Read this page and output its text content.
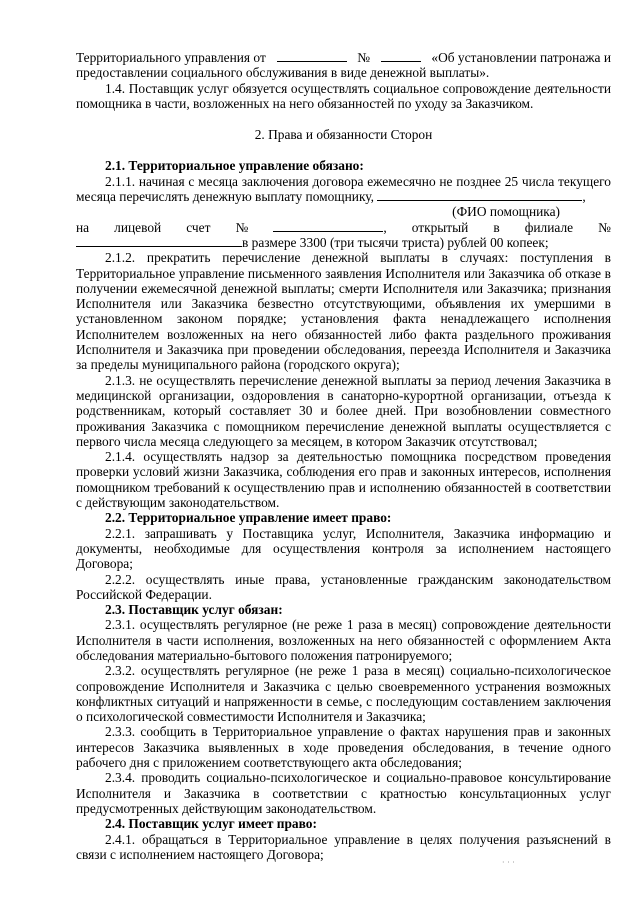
Территориального управления от	№	«Об установлении патронажа и

предоставлении социального обслуживания в виде денежной выплаты».

1.4. Поставщик услуг обязуется осуществлять социальное сопровождение деятельности помощника в части, возложенных на него обязанностей по уходу за Заказчиком.

2. Права и обязанности Сторон

2.1. Территориальное управление обязано:

2.1.1. начиная с месяца заключения договора ежемесячно не позднее 25 числа текущего месяца перечислять денежную выплату помощнику,	,

(ФИО помощника)

на лицевой счет №	, открытый в филиале №
в размере 3300 (три тысячи триста) рублей 00 копеек;

2.1.2. прекратить перечисление денежной выплаты в случаях: поступления в Территориальное управление письменного заявления Исполнителя или Заказчика об отказе в получении ежемесячной денежной выплаты; смерти Исполнителя или Заказчика; признания Исполнителя или Заказчика безвестно отсутствующими, объявления их умершими в установленном законом порядке; установления факта ненадлежащего исполнения Исполнителем возложенных на него обязанностей либо факта раздельного проживания Исполнителя и Заказчика при проведении обследования, переезда Исполнителя и Заказчика за пределы муниципального района (городского округа);

2.1.3. не осуществлять перечисление денежной выплаты за период лечения Заказчика в медицинской организации, оздоровления в санаторно-курортной организации, отъезда к родственникам, который составляет 30 и более дней. При возобновлении совместного проживания Заказчика с помощником перечисление денежной выплаты осуществляется с первого числа месяца следующего за месяцем, в котором Заказчик отсутствовал;

2.1.4. осуществлять надзор за деятельностью помощника посредством проведения проверки условий жизни Заказчика, соблюдения его прав и законных интересов, исполнения помощником требований к осуществлению прав и исполнению обязанностей в соответствии с действующим законодательством.

2.2. Территориальное управление имеет право:

2.2.1. запрашивать у Поставщика услуг, Исполнителя, Заказчика информацию и документы, необходимые для осуществления контроля за исполнением настоящего Договора;

2.2.2. осуществлять иные права, установленные гражданским законодательством Российской Федерации.

2.3. Поставщик услуг обязан:

2.3.1. осуществлять регулярное (не реже 1 раза в месяц) сопровождение деятельности Исполнителя в части исполнения, возложенных на него обязанностей с оформлением Акта обследования материально-бытового положения патронируемого;

2.3.2. осуществлять регулярное (не реже 1 раза в месяц) социально-психологическое сопровождение Исполнителя и Заказчика с целью своевременного устранения возможных конфликтных ситуаций и напряженности в семье, с последующим составлением заключения о психологической совместимости Исполнителя и Заказчика;

2.3.3. сообщить в Территориальное управление о фактах нарушения прав и законных интересов Заказчика выявленных в ходе проведения обследования, в течение одного рабочего дня с приложением соответствующего акта обследования;

2.3.4. проводить социально-психологическое и социально-правовое консультирование Исполнителя и Заказчика в соответствии с кратностью консультационных услуг предусмотренных действующим законодательством.

2.4. Поставщик услуг имеет право:

2.4.1. обращаться в Территориальное управление в целях получения разъяснений в связи с исполнением настоящего Договора;

· · ·
